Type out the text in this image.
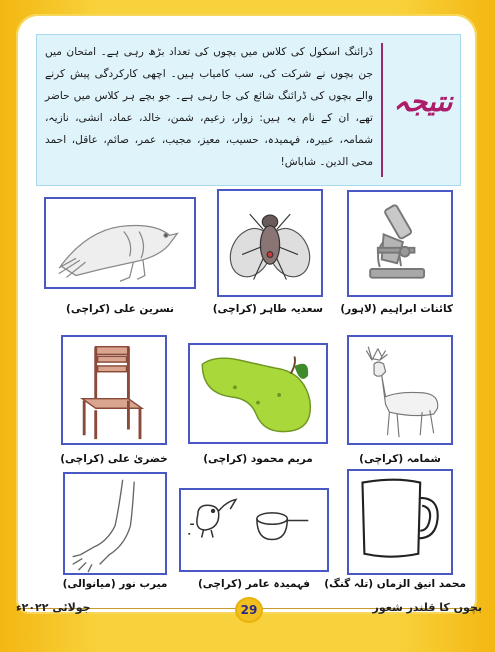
ڈرائنگ اسکول کی کلاس میں بچوں کی تعداد بڑھ رہی ہے۔ امتحان میں جن بچوں نے شرکت کی، سب کامیاب ہیں۔ اچھی کارکردگی پیش کرنے والے بچوں کی ڈرائنگ شائع کی جا رہی ہے۔ جو بچے ہر کلاس میں حاضر تھے، ان کے نام یہ ہیں: زوار، زعیم، شمن، خالد، عماد، انشی، نازیہ، شمامہ، عبیرہ، فہمیدہ، حسیب، معیز، مجیب، عمر، صائم، عاقل، احمد محی الدین۔ شاباش!
نتیجہ
کائنات ابراہیم (لاہور)
سعدیہ طاہر (کراچی)
نسرین علی (کراچی)
شمامہ (کراچی)
مریم محمود (کراچی)
خضریٰ علی (کراچی)
محمد انیق الزماں (تلہ گنگ)
فہمیدہ عامر (کراچی)
میرب نور (میانوالی)
بچوں کا قلندر شعور
29
جولائی ۲۰۲۲ء
